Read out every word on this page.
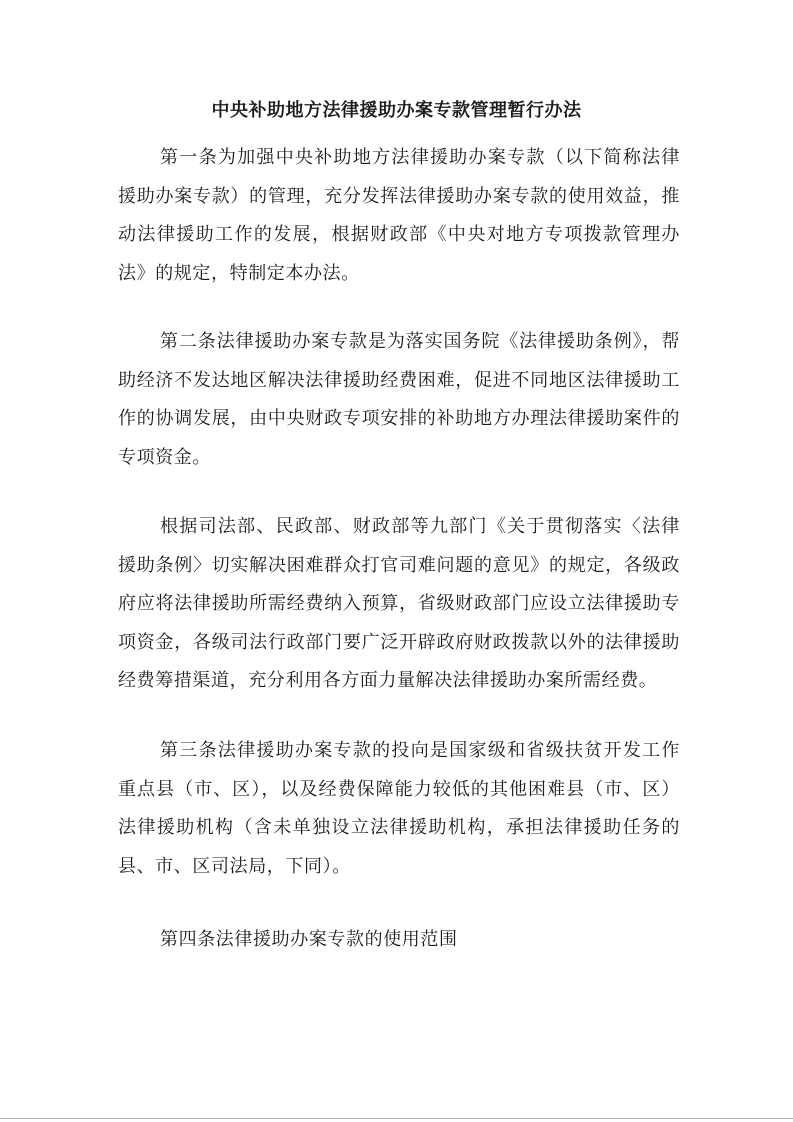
中央补助地方法律援助办案专款管理暂行办法
第一条为加强中央补助地方法律援助办案专款（以下简称法律援助办案专款）的管理，充分发挥法律援助办案专款的使用效益，推动法律援助工作的发展，根据财政部《中央对地方专项拨款管理办法》的规定，特制定本办法。
第二条法律援助办案专款是为落实国务院《法律援助条例》，帮助经济不发达地区解决法律援助经费困难，促进不同地区法律援助工作的协调发展，由中央财政专项安排的补助地方办理法律援助案件的专项资金。
根据司法部、民政部、财政部等九部门《关于贯彻落实〈法律援助条例〉切实解决困难群众打官司难问题的意见》的规定，各级政府应将法律援助所需经费纳入预算，省级财政部门应设立法律援助专项资金，各级司法行政部门要广泛开辟政府财政拨款以外的法律援助经费筹措渠道，充分利用各方面力量解决法律援助办案所需经费。
第三条法律援助办案专款的投向是国家级和省级扶贫开发工作重点县（市、区），以及经费保障能力较低的其他困难县（市、区）法律援助机构（含未单独设立法律援助机构，承担法律援助任务的县、市、区司法局，下同）。
第四条法律援助办案专款的使用范围
